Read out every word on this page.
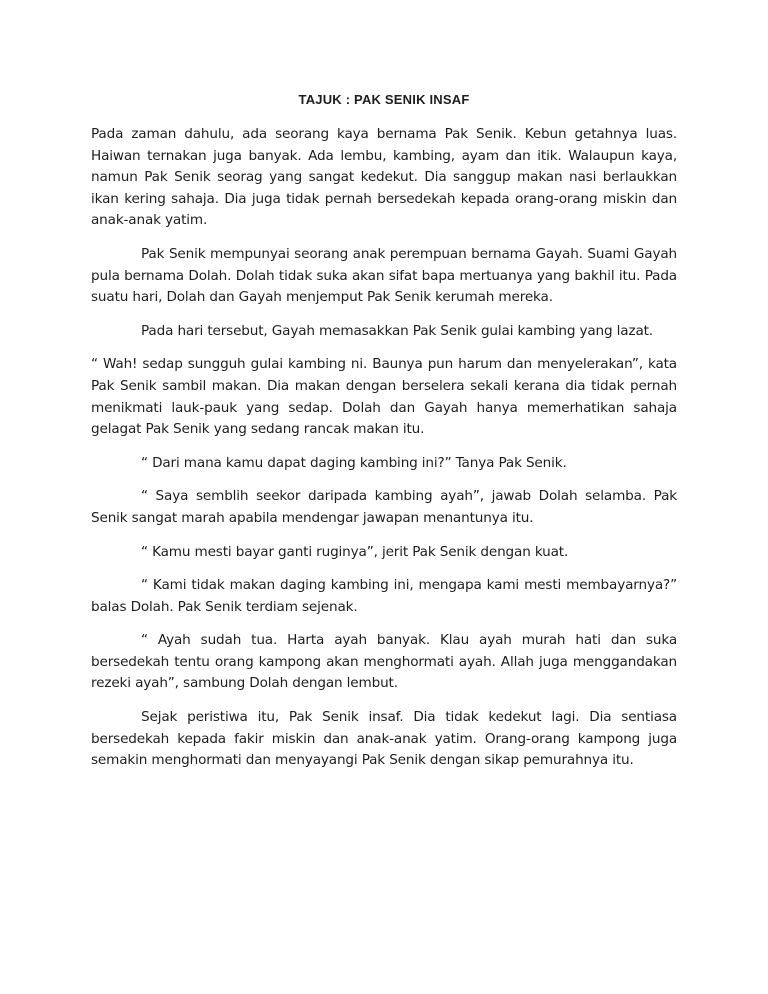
TAJUK : PAK SENIK INSAF

Pada zaman dahulu, ada seorang kaya bernama Pak Senik. Kebun getahnya luas. Haiwan ternakan juga banyak. Ada lembu, kambing, ayam dan itik. Walaupun kaya, namun Pak Senik seorag yang sangat kedekut. Dia sanggup makan nasi berlaukkan ikan kering sahaja. Dia juga tidak pernah bersedekah kepada orang-orang miskin dan anak-anak yatim.

Pak Senik mempunyai seorang anak perempuan bernama Gayah. Suami Gayah pula bernama Dolah. Dolah tidak suka akan sifat bapa mertuanya yang bakhil itu. Pada suatu hari, Dolah dan Gayah menjemput Pak Senik kerumah mereka.

Pada hari tersebut, Gayah memasakkan Pak Senik gulai kambing yang lazat.

“ Wah! sedap sungguh gulai kambing ni. Baunya pun harum dan menyelerakan”, kata Pak Senik sambil makan. Dia makan dengan berselera sekali kerana dia tidak pernah menikmati lauk-pauk yang sedap. Dolah dan Gayah hanya memerhatikan sahaja gelagat Pak Senik yang sedang rancak makan itu.

“ Dari mana kamu dapat daging kambing ini?” Tanya Pak Senik.

“ Saya semblih seekor daripada kambing ayah”, jawab Dolah selamba. Pak Senik sangat marah apabila mendengar jawapan menantunya itu.

“ Kamu mesti bayar ganti ruginya”, jerit Pak Senik dengan kuat.

“ Kami tidak makan daging kambing ini, mengapa kami mesti membayarnya?” balas Dolah. Pak Senik terdiam sejenak.

“ Ayah sudah tua. Harta ayah banyak. Klau ayah murah hati dan suka bersedekah tentu orang kampong akan menghormati ayah. Allah juga menggandakan rezeki ayah”, sambung Dolah dengan lembut.

Sejak peristiwa itu, Pak Senik insaf. Dia tidak kedekut lagi. Dia sentiasa bersedekah kepada fakir miskin dan anak-anak yatim. Orang-orang kampong juga semakin menghormati dan menyayangi Pak Senik dengan sikap pemurahnya itu.
